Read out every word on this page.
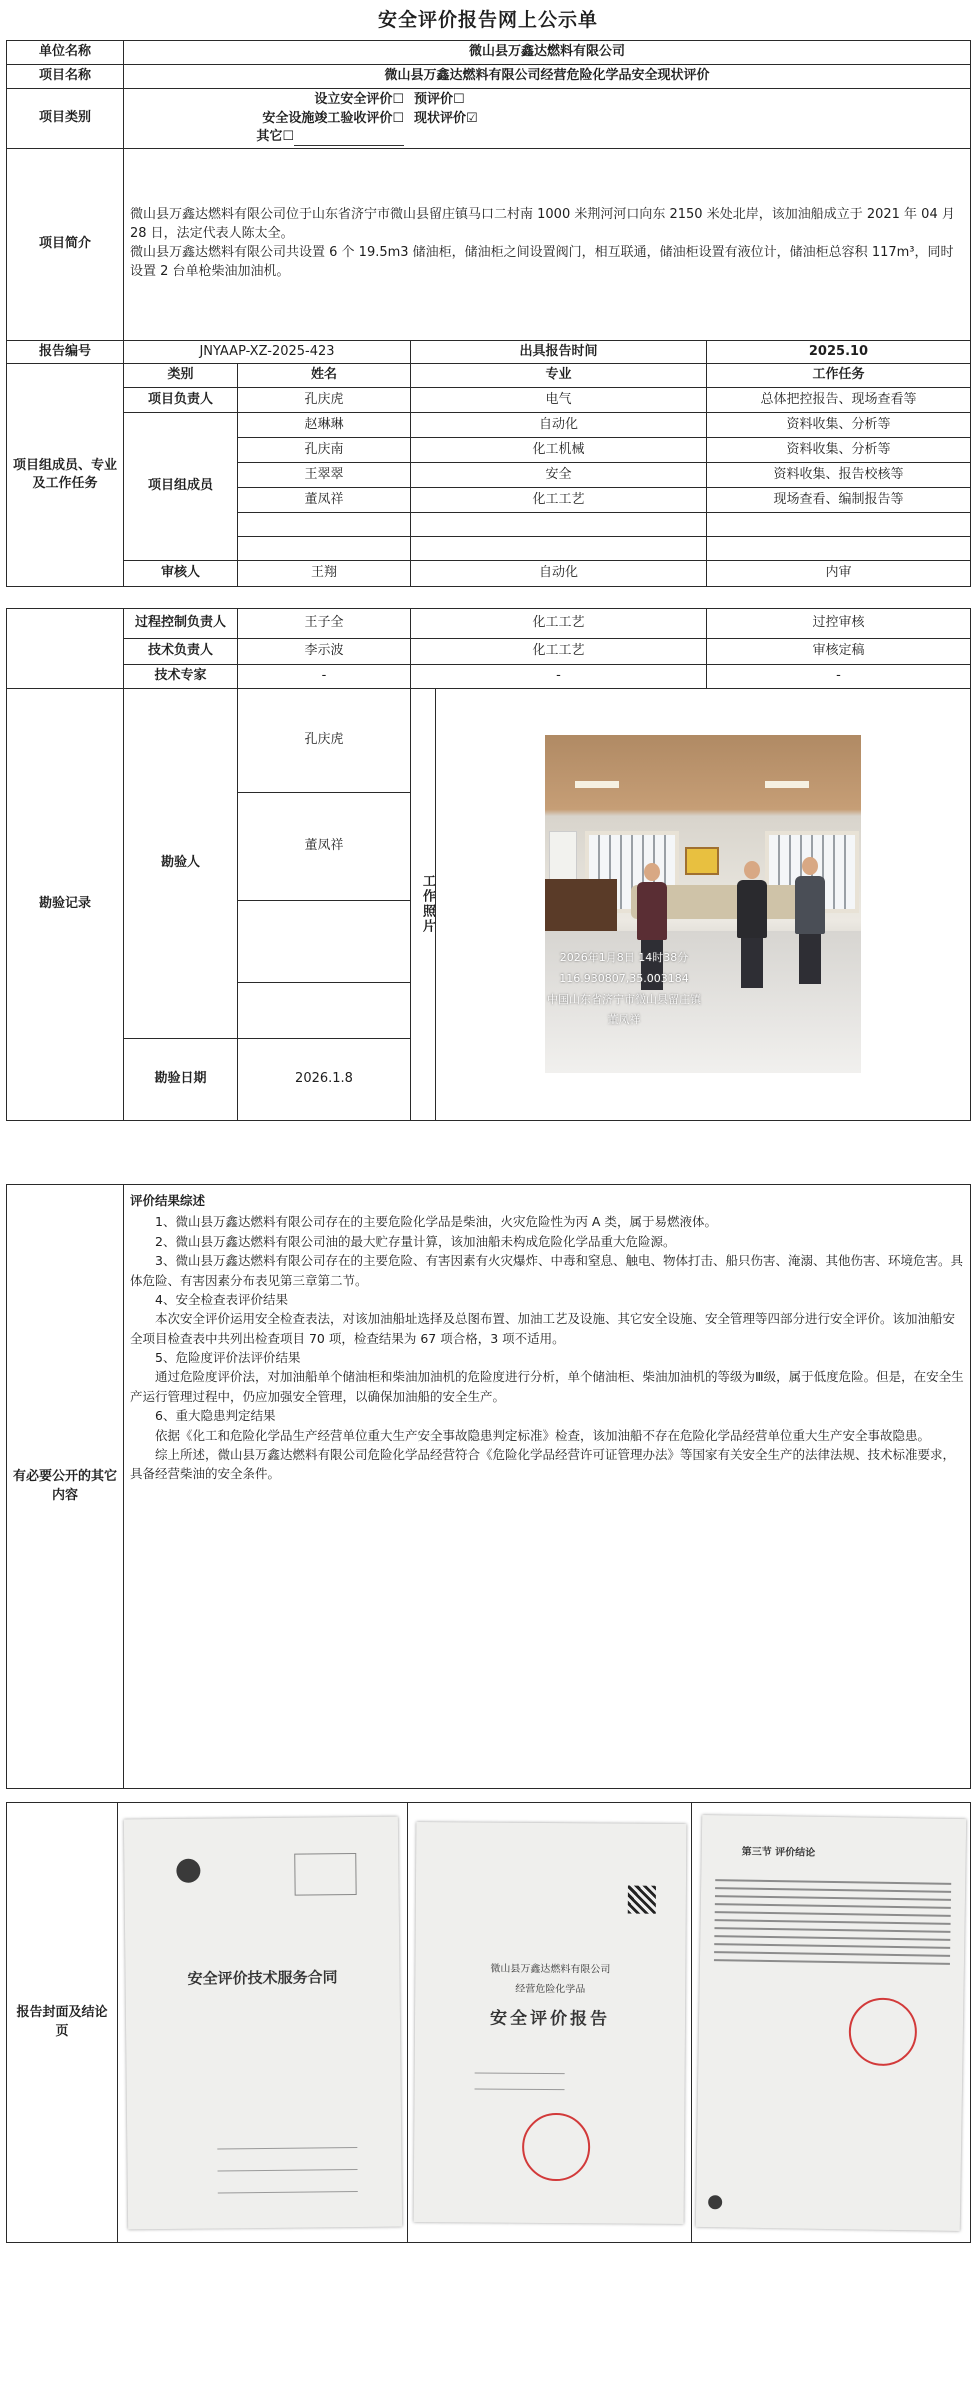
安全评价报告网上公示单
单位名称	微山县万鑫达燃料有限公司			
项目名称	微山县万鑫达燃料有限公司经营危险化学品安全现状评价			
项目类别	设立安全评价☐ 预评价☐
安全设施竣工验收评价☐ 现状评价☑
其它☐			

项目简介	微山县万鑫达燃料有限公司位于山东省济宁市微山县留庄镇马口二村南 1000 米荆河河口向东 2150 米处北岸，该加油船成立于 2021 年 04 月 28 日，法定代表人陈太全。

微山县万鑫达燃料有限公司共设置 6 个 19.5m3 储油柜，储油柜之间设置阀门，相互联通，储油柜设置有液位计，储油柜总容积 117m³，同时设置 2 台单枪柴油加油机。			

报告编号	JNYAAP-XZ-2025-423		出具报告时间	2025.10
项目组成员、专业及工作任务	类别	姓名	专业	工作任务
	项目负责人	孔庆虎	电气	总体把控报告、现场查看等
	项目组成员	赵琳琳	自动化	资料收集、分析等
		孔庆南	化工机械	资料收集、分析等
		王翠翠	安全	资料收集、报告校核等
		董凤祥	化工工艺	现场查看、编制报告等

	审核人	王翔	自动化	内审
	过程控制负责人	王子全	化工工艺		过控审核
	技术负责人	李示波	化工工艺		审核定稿
	技术专家	-	-		-
勘验记录	勘验人	孔庆虎	工作照片	2026年1月8日 14时38分
116.930807,35.003184
中国山东省济宁市微山县留庄镇
董凤祥	

		董凤祥			

	勘验日期	2026.1.8			
有必要公开的其它内容	
评价结果综述

1、微山县万鑫达燃料有限公司存在的主要危险化学品是柴油，火灾危险性为丙 A 类，属于易燃液体。

2、微山县万鑫达燃料有限公司油的最大贮存量计算，该加油船未构成危险化学品重大危险源。

3、微山县万鑫达燃料有限公司存在的主要危险、有害因素有火灾爆炸、中毒和窒息、触电、物体打击、船只伤害、淹溺、其他伤害、环境危害。具体危险、有害因素分布表见第三章第二节。

4、安全检查表评价结果

本次安全评价运用安全检查表法，对该加油船址选择及总图布置、加油工艺及设施、其它安全设施、安全管理等四部分进行安全评价。该加油船安全项目检查表中共列出检查项目 70 项，检查结果为 67 项合格，3 项不适用。

5、危险度评价法评价结果

通过危险度评价法，对加油船单个储油柜和柴油加油机的危险度进行分析，单个储油柜、柴油加油机的等级为Ⅲ级，属于低度危险。但是，在安全生产运行管理过程中，仍应加强安全管理，以确保加油船的安全生产。

6、重大隐患判定结果

依据《化工和危险化学品生产经营单位重大生产安全事故隐患判定标准》检查，该加油船不存在危险化学品经营单位重大生产安全事故隐患。

综上所述，微山县万鑫达燃料有限公司危险化学品经营符合《危险化学品经营许可证管理办法》等国家有关安全生产的法律法规、技术标准要求，具备经营柴油的安全条件。

报告封面及结论页	
安全评价技术服务合同	微山县万鑫达燃料有限公司
经营危险化学品
安全评价报告

第三节 评价结论
